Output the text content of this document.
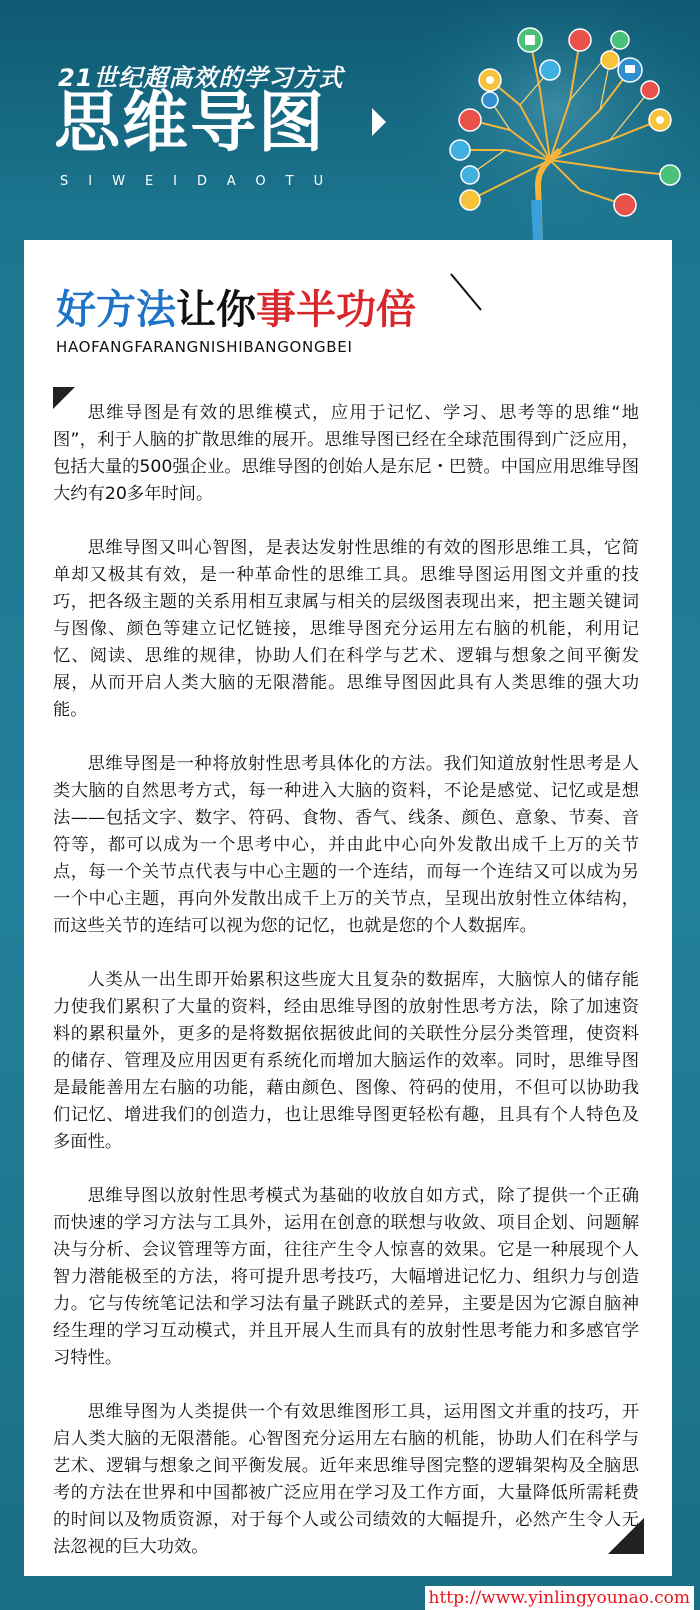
21世纪超高效的学习方式
思维导图
SIWEIDAOTU
好方法让你事半功倍
HAOFANGFARANGNISHIBANGONGBEI

思维导图是有效的思维模式，应用于记忆、学习、思考等的思维“地图”，利于人脑的扩散思维的展开。思维导图已经在全球范围得到广泛应用，包括大量的500强企业。思维导图的创始人是东尼・巴赞。中国应用思维导图大约有20多年时间。

思维导图又叫心智图，是表达发射性思维的有效的图形思维工具，它简单却又极其有效，是一种革命性的思维工具。思维导图运用图文并重的技巧，把各级主题的关系用相互隶属与相关的层级图表现出来，把主题关键词与图像、颜色等建立记忆链接，思维导图充分运用左右脑的机能，利用记忆、阅读、思维的规律，协助人们在科学与艺术、逻辑与想象之间平衡发展，从而开启人类大脑的无限潜能。思维导图因此具有人类思维的强大功能。

思维导图是一种将放射性思考具体化的方法。我们知道放射性思考是人类大脑的自然思考方式，每一种进入大脑的资料，不论是感觉、记忆或是想法——包括文字、数字、符码、食物、香气、线条、颜色、意象、节奏、音符等，都可以成为一个思考中心，并由此中心向外发散出成千上万的关节点，每一个关节点代表与中心主题的一个连结，而每一个连结又可以成为另一个中心主题，再向外发散出成千上万的关节点，呈现出放射性立体结构，而这些关节的连结可以视为您的记忆，也就是您的个人数据库。

人类从一出生即开始累积这些庞大且复杂的数据库，大脑惊人的储存能力使我们累积了大量的资料，经由思维导图的放射性思考方法，除了加速资料的累积量外，更多的是将数据依据彼此间的关联性分层分类管理，使资料的储存、管理及应用因更有系统化而增加大脑运作的效率。同时，思维导图是最能善用左右脑的功能，藉由颜色、图像、符码的使用，不但可以协助我们记忆、增进我们的创造力，也让思维导图更轻松有趣，且具有个人特色及多面性。

思维导图以放射性思考模式为基础的收放自如方式，除了提供一个正确而快速的学习方法与工具外，运用在创意的联想与收敛、项目企划、问题解决与分析、会议管理等方面，往往产生令人惊喜的效果。它是一种展现个人智力潜能极至的方法，将可提升思考技巧，大幅增进记忆力、组织力与创造力。它与传统笔记法和学习法有量子跳跃式的差异，主要是因为它源自脑神经生理的学习互动模式，并且开展人生而具有的放射性思考能力和多感官学习特性。

思维导图为人类提供一个有效思维图形工具，运用图文并重的技巧，开启人类大脑的无限潜能。心智图充分运用左右脑的机能，协助人们在科学与艺术、逻辑与想象之间平衡发展。近年来思维导图完整的逻辑架构及全脑思考的方法在世界和中国都被广泛应用在学习及工作方面，大量降低所需耗费的时间以及物质资源，对于每个人或公司绩效的大幅提升，必然产生令人无法忽视的巨大功效。

http://www.yinlingyounao.com
